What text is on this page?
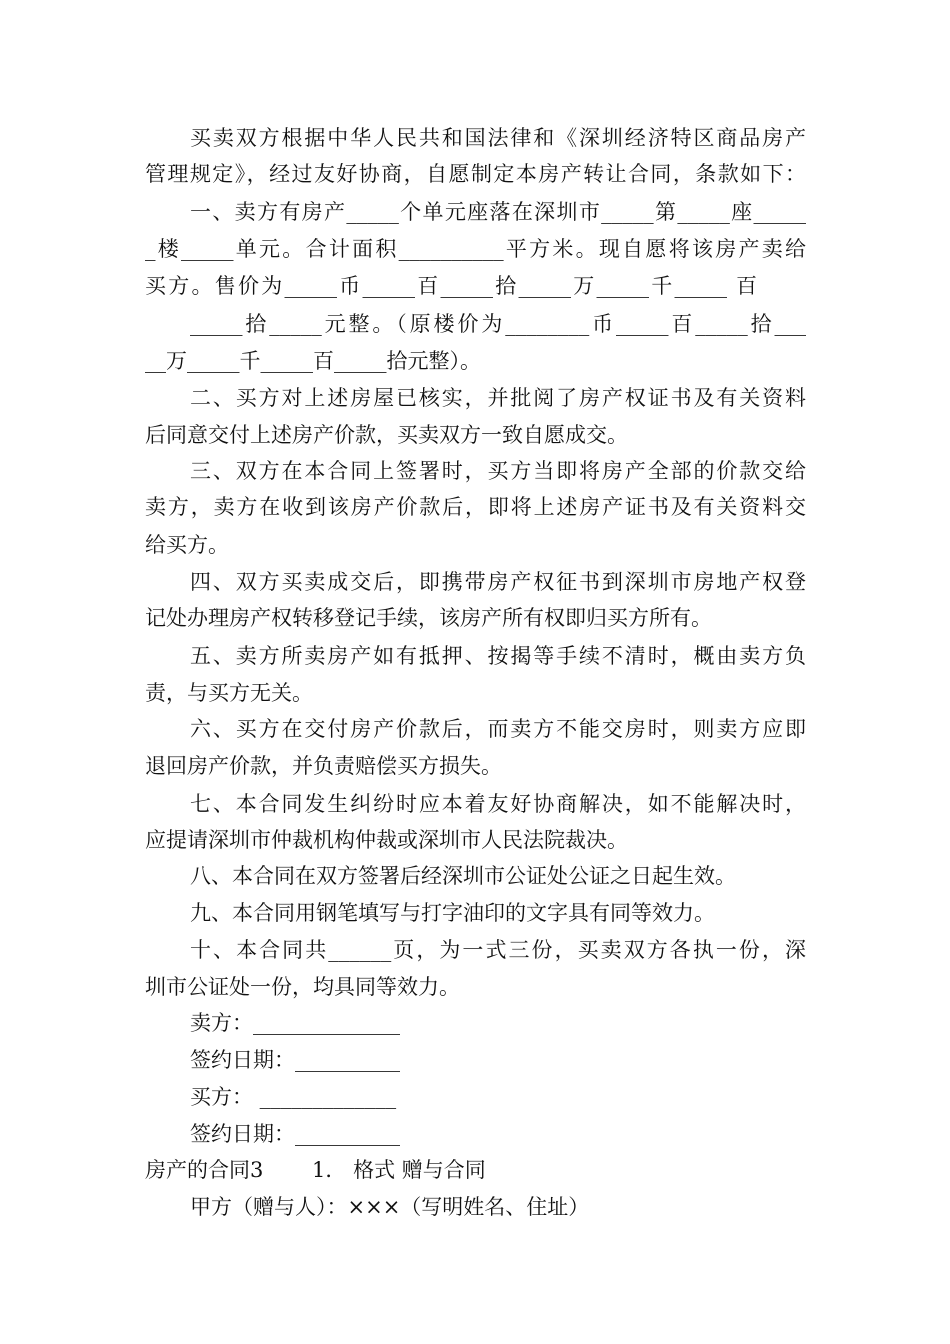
买卖双方根据中华人民共和国法律和《深圳经济特区商品房产
管理规定》，经过友好协商，自愿制定本房产转让合同，条款如下：
一、卖方有房产_____个单元座落在深圳市_____第_____座_____
_楼_____单元。合计面积__________平方米。现自愿将该房产卖给
买方。售价为_____币_____百_____拾_____万_____千_____ 百
_____拾_____元整。（原楼价为________币_____百_____拾___
__万_____千_____百_____拾元整）。
二、买方对上述房屋已核实，并批阅了房产权证书及有关资料
后同意交付上述房产价款，买卖双方一致自愿成交。
三、双方在本合同上签署时，买方当即将房产全部的价款交给
卖方，卖方在收到该房产价款后，即将上述房产证书及有关资料交
给买方。
四、双方买卖成交后，即携带房产权征书到深圳市房地产权登
记处办理房产权转移登记手续，该房产所有权即归买方所有。
五、卖方所卖房产如有抵押、按揭等手续不清时，概由卖方负
责，与买方无关。
六、买方在交付房产价款后，而卖方不能交房时，则卖方应即
退回房产价款，并负责赔偿买方损失。
七、本合同发生纠纷时应本着友好协商解决，如不能解决时，
应提请深圳市仲裁机构仲裁或深圳市人民法院裁决。
八、本合同在双方签署后经深圳市公证处公证之日起生效。
九、本合同用钢笔填写与打字油印的文字具有同等效力。
十、本合同共______页，为一式三份，买卖双方各执一份，深
圳市公证处一份，均具同等效力。
卖方：______________
签约日期：__________
买方： _____________
签约日期：__________
房产的合同3　　 1． 格式 赠与合同
甲方（赠与人）：×××（写明姓名、住址）
